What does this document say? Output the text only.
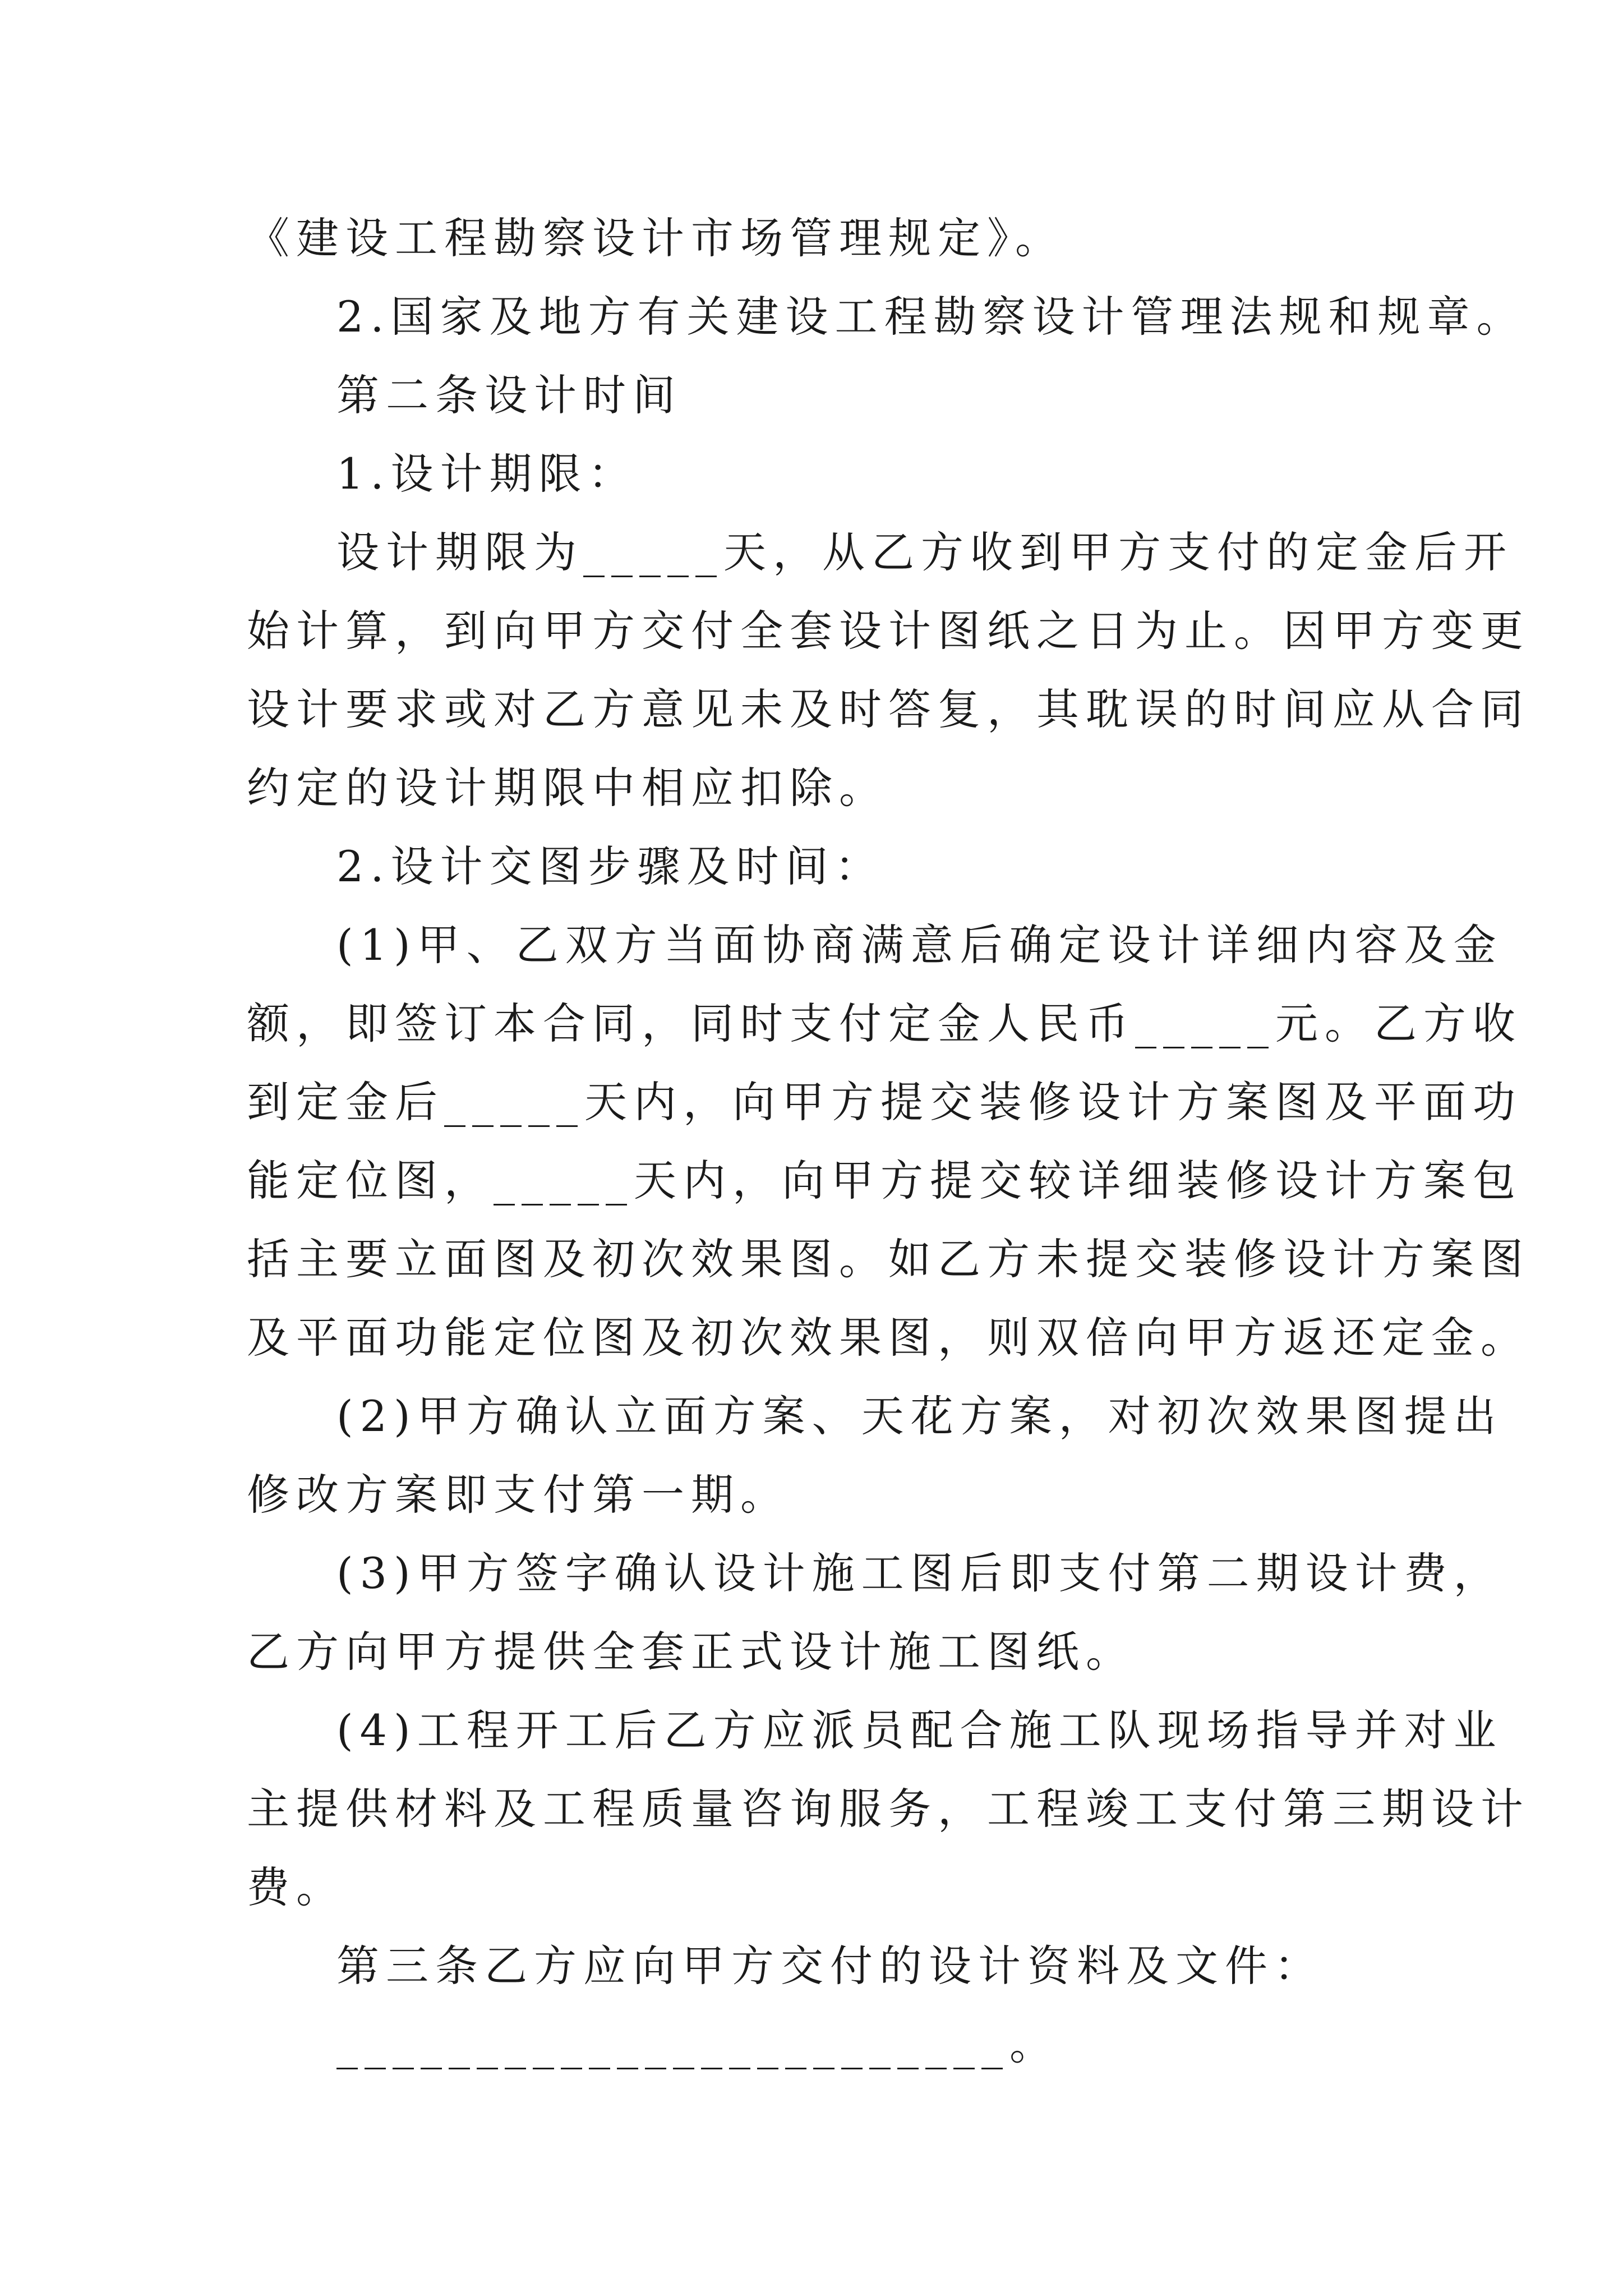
《建设工程勘察设计市场管理规定》。
2.国家及地方有关建设工程勘察设计管理法规和规章。
第二条设计时间
1.设计期限：
设计期限为_____天，从乙方收到甲方支付的定金后开
始计算，到向甲方交付全套设计图纸之日为止。因甲方变更
设计要求或对乙方意见未及时答复，其耽误的时间应从合同
约定的设计期限中相应扣除。
2.设计交图步骤及时间：
(1)甲、乙双方当面协商满意后确定设计详细内容及金
额，即签订本合同，同时支付定金人民币_____元。乙方收
到定金后_____天内，向甲方提交装修设计方案图及平面功
能定位图，_____天内，向甲方提交较详细装修设计方案包
括主要立面图及初次效果图。如乙方未提交装修设计方案图
及平面功能定位图及初次效果图，则双倍向甲方返还定金。
(2)甲方确认立面方案、天花方案，对初次效果图提出
修改方案即支付第一期。
(3)甲方签字确认设计施工图后即支付第二期设计费，
乙方向甲方提供全套正式设计施工图纸。
(4)工程开工后乙方应派员配合施工队现场指导并对业
主提供材料及工程质量咨询服务，工程竣工支付第三期设计
费。
第三条乙方应向甲方交付的设计资料及文件：
________________________。
